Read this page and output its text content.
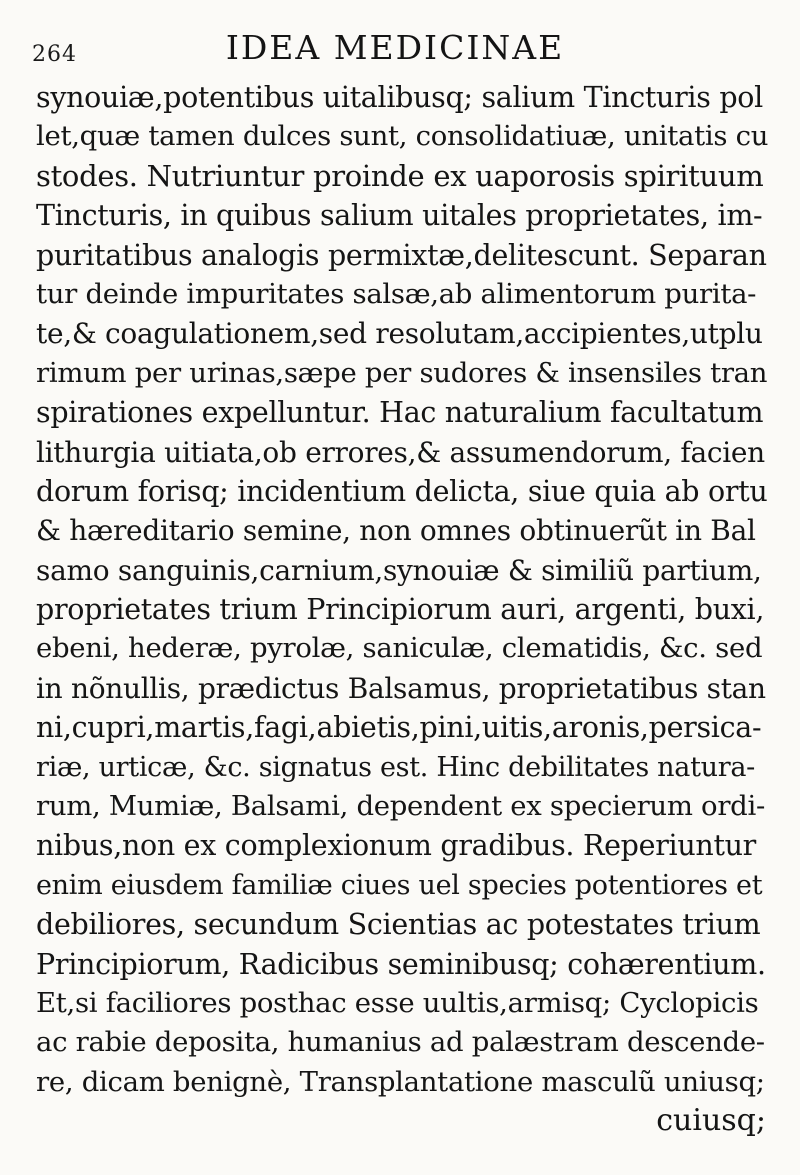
264	IDEA MEDICINAE
synouiæ,potentibus uitalibusq; salium Tincturis pol
let,quæ tamen dulces sunt, consolidatiuæ, unitatis cu
stodes. Nutriuntur proinde ex uaporosis spirituum
Tincturis, in quibus salium uitales proprietates, im-
puritatibus analogis permixtæ,delitescunt. Separan
tur deinde impuritates salsæ,ab alimentorum purita-
te,& coagulationem,sed resolutam,accipientes,utplu
rimum per urinas,sæpe per sudores & insensiles tran
spirationes expelluntur. Hac naturalium facultatum
lithurgia uitiata,ob errores,& assumendorum, facien
dorum forisq; incidentium delicta, siue quia ab ortu
& hæreditario semine, non omnes obtinuerũt in Bal
samo sanguinis,carnium,synouiæ & similiũ partium,
proprietates trium Principiorum auri, argenti, buxi,
ebeni, hederæ, pyrolæ, saniculæ, clematidis, &c. sed
in nõnullis, prædictus Balsamus, proprietatibus stan
ni,cupri,martis,fagi,abietis,pini,uitis,aronis,persica-
riæ, urticæ, &c. signatus est. Hinc debilitates natura-
rum, Mumiæ, Balsami, dependent ex specierum ordi-
nibus,non ex complexionum gradibus. Reperiuntur
enim eiusdem familiæ ciues uel species potentiores et
debiliores, secundum Scientias ac potestates trium
Principiorum, Radicibus seminibusq; cohærentium.
Et,si faciliores posthac esse uultis,armisq; Cyclopicis
ac rabie deposita, humanius ad palæstram descende-
re, dicam benignè, Transplantatione masculũ uniusq;
cuiusq;
